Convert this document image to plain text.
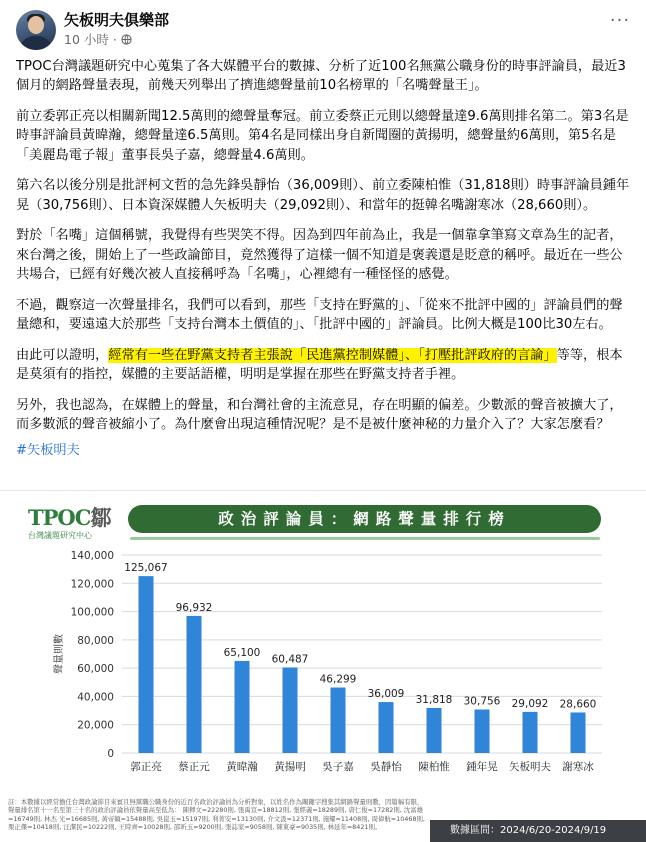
矢板明夫俱樂部
10 小時 ·
···

TPOC台灣議題研究中心蒐集了各大媒體平台的數據、分析了近100名無黨公職身份的時事評論員，最近3個月的網路聲量表現，前幾天列舉出了擠進總聲量前10名榜單的「名嘴聲量王」。

前立委郭正亮以相關新聞12.5萬則的總聲量奪冠。前立委蔡正元則以總聲量達9.6萬則排名第二。第3名是時事評論員黃暐瀚，總聲量達6.5萬則。第4名是同樣出身自新聞圈的黃揚明，總聲量約6萬則，第5名是「美麗島電子報」董事長吳子嘉，總聲量4.6萬則。

第六名以後分別是批評柯文哲的急先鋒吳靜怡（36,009則）、前立委陳柏惟（31,818則）時事評論員鍾年晃（30,756則）、日本資深媒體人矢板明夫（29,092則）、和當年的挺韓名嘴謝寒冰（28,660則）。

對於「名嘴」這個稱號，我覺得有些哭笑不得。因為到四年前為止，我是一個靠拿筆寫文章為生的記者，來台灣之後，開始上了一些政論節目，竟然獲得了這樣一個不知道是褒義還是貶意的稱呼。最近在一些公共場合，已經有好幾次被人直接稱呼為「名嘴」，心裡總有一種怪怪的感覺。

不過，觀察這一次聲量排名，我們可以看到，那些「支持在野黨的」、「從來不批評中國的」評論員們的聲量總和，要遠遠大於那些「支持台灣本土價值的」、「批評中國的」評論員。比例大概是100比30左右。

由此可以證明，經常有一些在野黨支持者主張說「民進黨控制媒體」、「打壓批評政府的言論」等等，根本是莫須有的指控，媒體的主要話語權，明明是掌握在那些在野黨支持者手裡。

另外，我也認為，在媒體上的聲量，和台灣社會的主流意見，存在明顯的偏差。少數派的聲音被擴大了，而多數派的聲音被縮小了。為什麼會出現這種情況呢？是不是被什麼神秘的力量介入了？大家怎麼看？

#矢板明夫
TPOC鄒
台灣議題研究中心
政治評論員：網路聲量排行榜
0
20,000
40,000
60,000
80,000
100,000
120,000
140,000
聲量則數
125,067
郭正亮
96,932
蔡正元
65,100
黃暐瀚
60,487
黃揚明
46,299
吳子嘉
36,009
吳靜怡
31,818
陳柏惟
30,756
鍾年晃
29,092
矢板明夫
28,660
謝寒冰
註：本數據以經常擔任台灣政論節目來賓且無黨職公職身份的近百名政治評論員為分析對象，以姓名作為關鍵字搜集其網路聲量則數，因篇幅有限，聲量排名第十一名至第三十名的政治評論員依聲量高至低為： 陳揮文=22280則, 張禹宣=18812則, 張經義=18289則, 唐仁俊=17282則, 沈富雄=16749則, 林杰 光=16685則, 黃帝穎=15488則, 吳崑玉=15197則, 利菁安=13130則, 介文汲=12371則, 施耀=11408則, 周偉航=10468則, 栗正傑=10418則, 汪潔民=10222則, 王時齊=10028則, 邵昕玉=9200則, 張誌家=9058則, 陳東豪=9035則, 林延年=8421則。	數據區間：2024/6/20-2024/9/19
